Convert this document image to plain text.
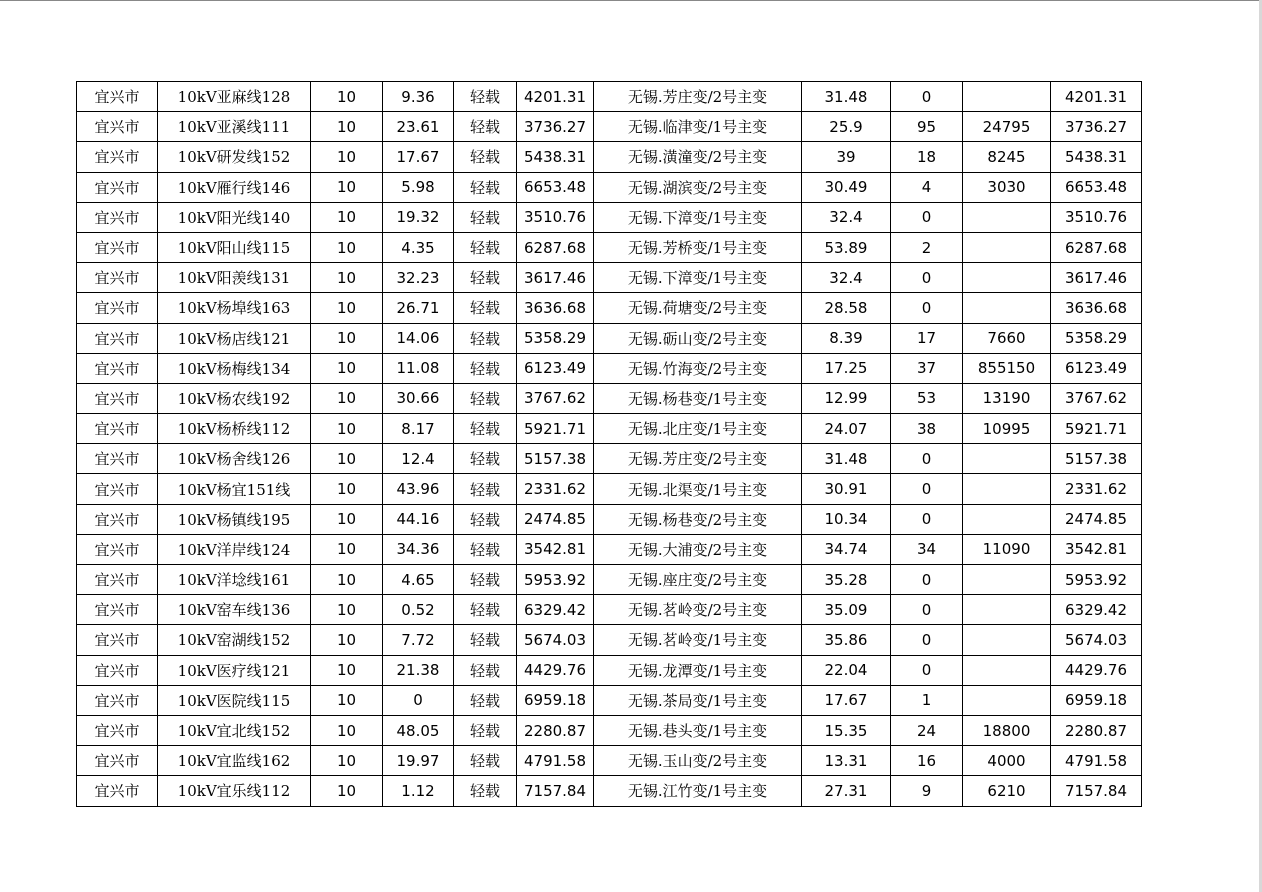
宜兴市	10kV亚麻线128	10	9.36	轻载	4201.31	无锡.芳庄变/2号主变	31.48	0		4201.31
宜兴市	10kV亚溪线111	10	23.61	轻载	3736.27	无锡.临津变/1号主变	25.9	95	24795	3736.27
宜兴市	10kV研发线152	10	17.67	轻载	5438.31	无锡.潢潼变/2号主变	39	18	8245	5438.31
宜兴市	10kV雁行线146	10	5.98	轻载	6653.48	无锡.湖滨变/2号主变	30.49	4	3030	6653.48
宜兴市	10kV阳光线140	10	19.32	轻载	3510.76	无锡.下漳变/1号主变	32.4	0		3510.76
宜兴市	10kV阳山线115	10	4.35	轻载	6287.68	无锡.芳桥变/1号主变	53.89	2		6287.68
宜兴市	10kV阳羡线131	10	32.23	轻载	3617.46	无锡.下漳变/1号主变	32.4	0		3617.46
宜兴市	10kV杨埠线163	10	26.71	轻载	3636.68	无锡.荷塘变/2号主变	28.58	0		3636.68
宜兴市	10kV杨店线121	10	14.06	轻载	5358.29	无锡.砺山变/2号主变	8.39	17	7660	5358.29
宜兴市	10kV杨梅线134	10	11.08	轻载	6123.49	无锡.竹海变/2号主变	17.25	37	855150	6123.49
宜兴市	10kV杨农线192	10	30.66	轻载	3767.62	无锡.杨巷变/1号主变	12.99	53	13190	3767.62
宜兴市	10kV杨桥线112	10	8.17	轻载	5921.71	无锡.北庄变/1号主变	24.07	38	10995	5921.71
宜兴市	10kV杨舍线126	10	12.4	轻载	5157.38	无锡.芳庄变/2号主变	31.48	0		5157.38
宜兴市	10kV杨宜151线	10	43.96	轻载	2331.62	无锡.北渠变/1号主变	30.91	0		2331.62
宜兴市	10kV杨镇线195	10	44.16	轻载	2474.85	无锡.杨巷变/2号主变	10.34	0		2474.85
宜兴市	10kV洋岸线124	10	34.36	轻载	3542.81	无锡.大浦变/2号主变	34.74	34	11090	3542.81
宜兴市	10kV洋埝线161	10	4.65	轻载	5953.92	无锡.座庄变/2号主变	35.28	0		5953.92
宜兴市	10kV窑车线136	10	0.52	轻载	6329.42	无锡.茗岭变/2号主变	35.09	0		6329.42
宜兴市	10kV窑湖线152	10	7.72	轻载	5674.03	无锡.茗岭变/1号主变	35.86	0		5674.03
宜兴市	10kV医疗线121	10	21.38	轻载	4429.76	无锡.龙潭变/1号主变	22.04	0		4429.76
宜兴市	10kV医院线115	10	0	轻载	6959.18	无锡.茶局变/1号主变	17.67	1		6959.18
宜兴市	10kV宜北线152	10	48.05	轻载	2280.87	无锡.巷头变/1号主变	15.35	24	18800	2280.87
宜兴市	10kV宜监线162	10	19.97	轻载	4791.58	无锡.玉山变/2号主变	13.31	16	4000	4791.58
宜兴市	10kV宜乐线112	10	1.12	轻载	7157.84	无锡.江竹变/1号主变	27.31	9	6210	7157.84
